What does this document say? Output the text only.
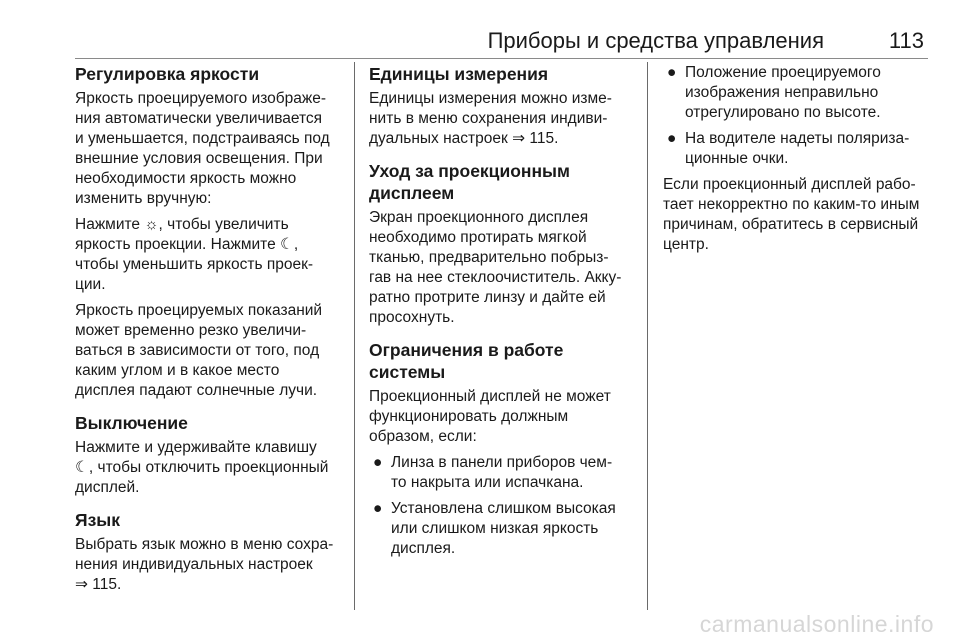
Приборы и средства управления	113
Регулировка яркости

Яркость проецируемого изображе-
ния автоматически увеличивается
и уменьшается, подстраиваясь под
внешние условия освещения. При
необходимости яркость можно
изменить вручную:

Нажмите ☼, чтобы увеличить
яркость проекции. Нажмите ☾,
чтобы уменьшить яркость проек-
ции.

Яркость проецируемых показаний
может временно резко увеличи-
ваться в зависимости от того, под
каким углом и в какое место
дисплея падают солнечные лучи.

Выключение

Нажмите и удерживайте клавишу
☾, чтобы отключить проекционный
дисплей.

Язык

Выбрать язык можно в меню сохра-
нения индивидуальных настроек
⇒ 115.

Единицы измерения

Единицы измерения можно изме-
нить в меню сохранения индиви-
дуальных настроек ⇒ 115.

Уход за проекционным
дисплеем

Экран проекционного дисплея
необходимо протирать мягкой
тканью, предварительно побрыз-
гав на нее стеклоочиститель. Акку-
ратно протрите линзу и дайте ей
просохнуть.

Ограничения в работе системы

Проекционный дисплей не может
функционировать должным
образом, если:

● Линза в панели приборов чем-
то накрыта или испачкана.
● Установлена слишком высокая
или слишком низкая яркость
дисплея.
● Положение проецируемого
изображения неправильно
отрегулировано по высоте.
● На водителе надеты поляриза-
ционные очки.

Если проекционный дисплей рабо-
тает некорректно по каким-то иным
причинам, обратитесь в сервисный
центр.

carmanualsonline.info
